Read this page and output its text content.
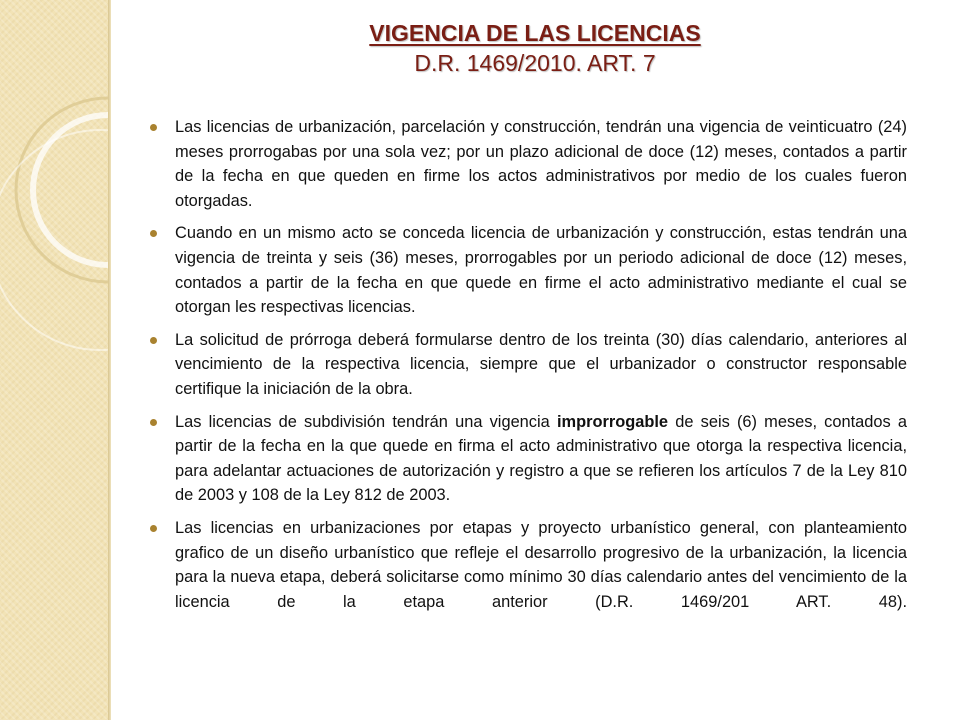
VIGENCIA DE LAS LICENCIAS
D.R. 1469/2010. ART. 7
Las licencias de urbanización, parcelación y construcción, tendrán una vigencia de veinticuatro (24) meses prorrogabas por una sola vez; por un plazo adicional de doce (12) meses, contados a partir de la fecha en que queden en firme los actos administrativos por medio de los cuales fueron otorgadas.
Cuando en un mismo acto se conceda licencia de urbanización y construcción, estas tendrán una vigencia de treinta y seis (36) meses, prorrogables por un periodo adicional de doce (12) meses, contados a partir de la fecha en que quede en firme el acto administrativo mediante el cual se otorgan les respectivas licencias.
La solicitud de prórroga deberá formularse dentro de los treinta (30) días calendario, anteriores al vencimiento de la respectiva licencia, siempre que el urbanizador o constructor responsable certifique la iniciación de la obra.
Las licencias de subdivisión tendrán una vigencia improrrogable de seis (6) meses, contados a partir de la fecha en la que quede en firma el acto administrativo que otorga la respectiva licencia, para adelantar actuaciones de autorización y registro a que se refieren los artículos 7 de la Ley 810 de 2003 y 108 de la Ley 812 de 2003.
Las licencias en urbanizaciones por etapas y proyecto urbanístico general, con planteamiento grafico de un diseño urbanístico que refleje el desarrollo progresivo de la urbanización, la licencia para la nueva etapa, deberá solicitarse como mínimo 30 días calendario antes del vencimiento de la licencia de la etapa anterior (D.R. 1469/201 ART. 48).
